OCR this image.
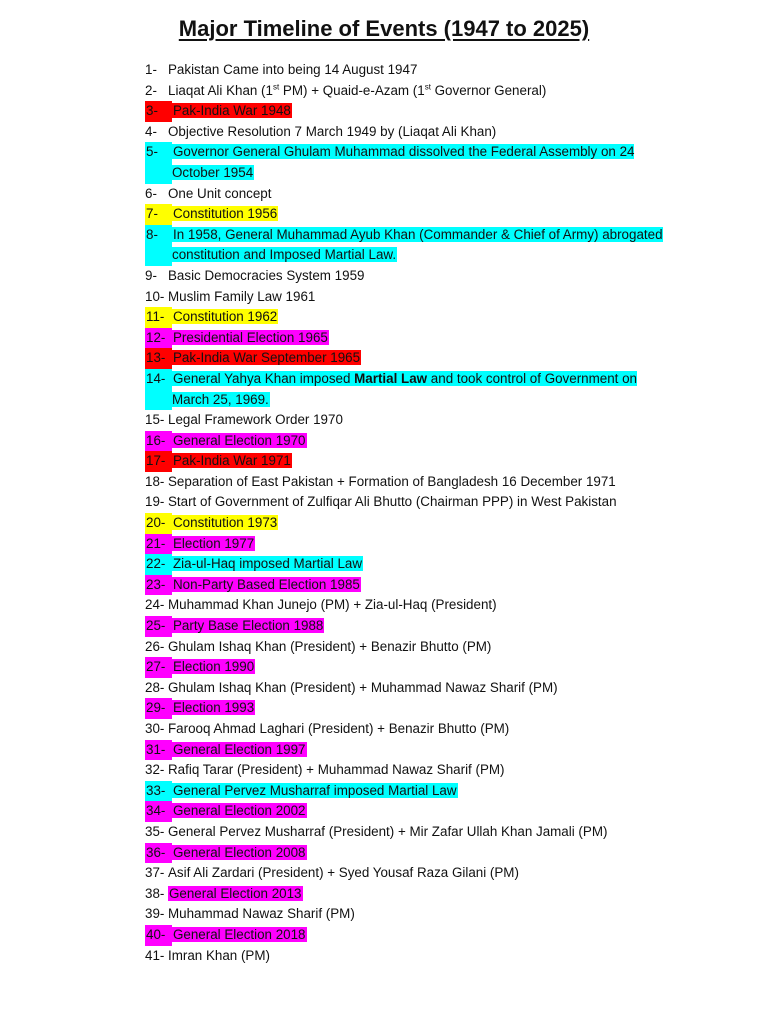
Major Timeline of Events (1947 to 2025)
1- Pakistan Came into being 14 August 1947
2- Liaqat Ali Khan (1st PM) + Quaid-e-Azam (1st Governor General)
3-	Pak-India War 1948
4- Objective Resolution 7 March 1949 by (Liaqat Ali Khan)
5-	Governor General Ghulam Muhammad dissolved the Federal Assembly on 24 October 1954
6- One Unit concept
7-	Constitution 1956
8-	In 1958, General Muhammad Ayub Khan (Commander & Chief of Army) abrogated constitution and Imposed Martial Law.
9- Basic Democracies System 1959
10- Muslim Family Law 1961
11- Constitution 1962
12- Presidential Election 1965
13- Pak-India War September 1965
14- General Yahya Khan imposed Martial Law and took control of Government on March 25, 1969.
15- Legal Framework Order 1970
16- General Election 1970
17- Pak-India War 1971
18- Separation of East Pakistan + Formation of Bangladesh 16 December 1971
19- Start of Government of Zulfiqar Ali Bhutto (Chairman PPP) in West Pakistan
20- Constitution 1973
21- Election 1977
22- Zia-ul-Haq imposed Martial Law
23- Non-Party Based Election 1985
24- Muhammad Khan Junejo (PM) + Zia-ul-Haq (President)
25- Party Base Election 1988
26- Ghulam Ishaq Khan (President) + Benazir Bhutto (PM)
27- Election 1990
28- Ghulam Ishaq Khan (President) + Muhammad Nawaz Sharif (PM)
29- Election 1993
30- Farooq Ahmad Laghari (President) + Benazir Bhutto (PM)
31- General Election 1997
32- Rafiq Tarar (President) + Muhammad Nawaz Sharif (PM)
33- General Pervez Musharraf imposed Martial Law
34- General Election 2002
35- General Pervez Musharraf (President) + Mir Zafar Ullah Khan Jamali (PM)
36- General Election 2008
37- Asif Ali Zardari (President) + Syed Yousaf Raza Gilani (PM)
38- General Election 2013
39- Muhammad Nawaz Sharif (PM)
40- General Election 2018
41- Imran Khan (PM)
